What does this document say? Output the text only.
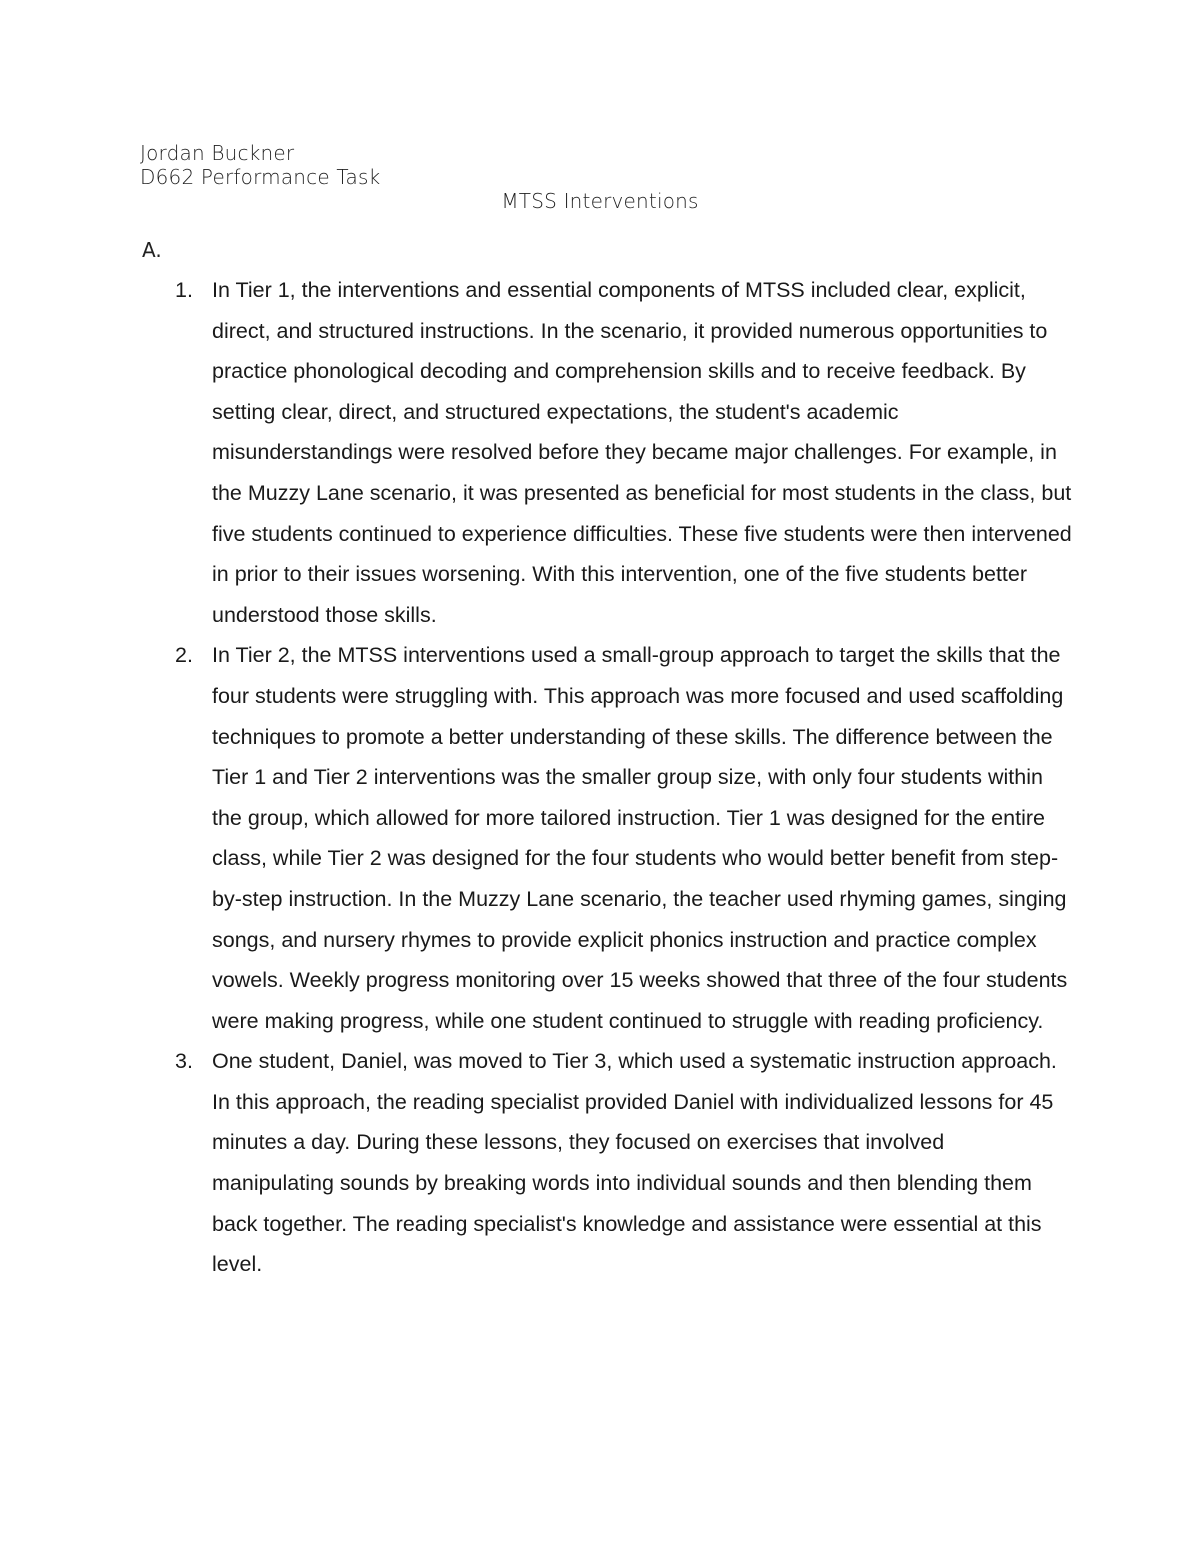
Jordan Buckner
D662 Performance Task
MTSS Interventions
A.
1. In Tier 1, the interventions and essential components of MTSS included clear, explicit, direct, and structured instructions. In the scenario, it provided numerous opportunities to practice phonological decoding and comprehension skills and to receive feedback. By setting clear, direct, and structured expectations, the student's academic misunderstandings were resolved before they became major challenges. For example, in the Muzzy Lane scenario, it was presented as beneficial for most students in the class, but five students continued to experience difficulties. These five students were then intervened in prior to their issues worsening. With this intervention, one of the five students better understood those skills.
2. In Tier 2, the MTSS interventions used a small-group approach to target the skills that the four students were struggling with. This approach was more focused and used scaffolding techniques to promote a better understanding of these skills. The difference between the Tier 1 and Tier 2 interventions was the smaller group size, with only four students within the group, which allowed for more tailored instruction. Tier 1 was designed for the entire class, while Tier 2 was designed for the four students who would better benefit from step-by-step instruction. In the Muzzy Lane scenario, the teacher used rhyming games, singing songs, and nursery rhymes to provide explicit phonics instruction and practice complex vowels. Weekly progress monitoring over 15 weeks showed that three of the four students were making progress, while one student continued to struggle with reading proficiency.
3. One student, Daniel, was moved to Tier 3, which used a systematic instruction approach. In this approach, the reading specialist provided Daniel with individualized lessons for 45 minutes a day. During these lessons, they focused on exercises that involved manipulating sounds by breaking words into individual sounds and then blending them back together. The reading specialist's knowledge and assistance were essential at this level.
